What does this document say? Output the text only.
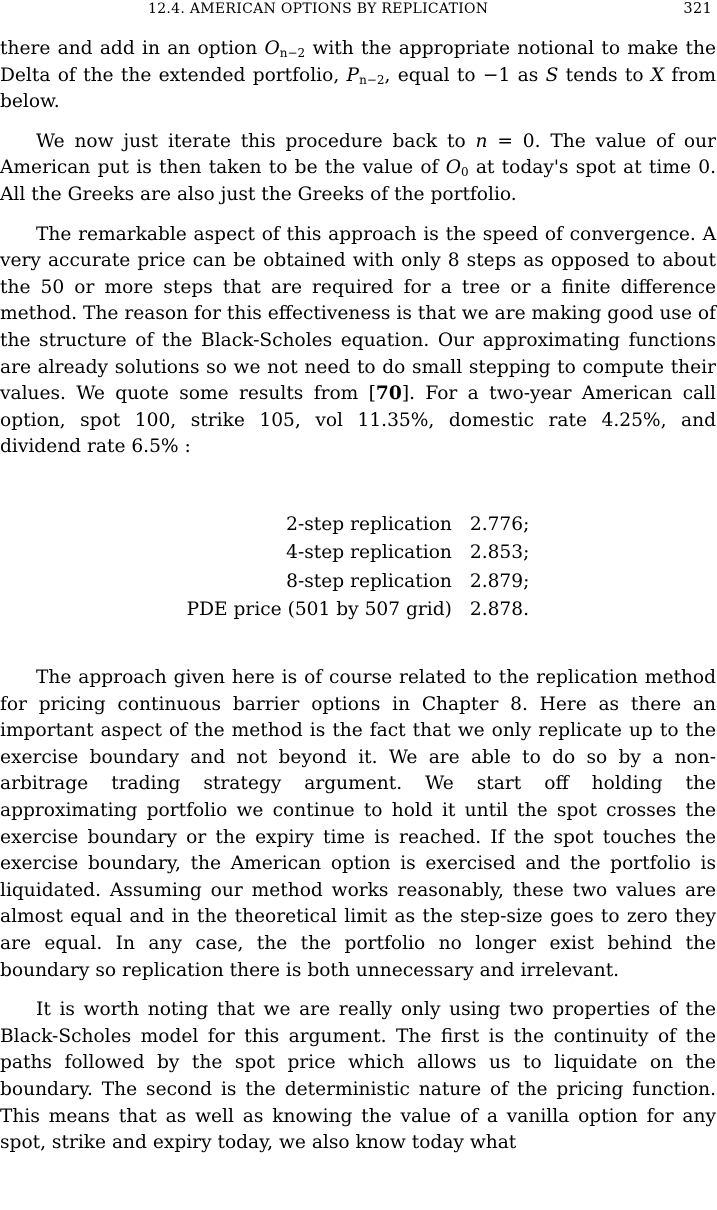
12.4. AMERICAN OPTIONS BY REPLICATION	321

there and add in an option $O_{n-2}$ with the appropriate notional to make the Delta of the the extended portfolio, $P_{n-2}$, equal to −1 as S tends to X from below.

We now just iterate this procedure back to n = 0. The value of our American put is then taken to be the value of $O_0$ at today's spot at time 0. All the Greeks are also just the Greeks of the portfolio.

The remarkable aspect of this approach is the speed of convergence. A very accurate price can be obtained with only 8 steps as opposed to about the 50 or more steps that are required for a tree or a finite difference method. The reason for this effectiveness is that we are making good use of the structure of the Black-Scholes equation. Our approximating functions are already solutions so we not need to do small stepping to compute their values. We quote some results from [70]. For a two-year American call option, spot 100, strike 105, vol 11.35%, domestic rate 4.25%, and dividend rate 6.5% :

2-step replication	2.776;
4-step replication	2.853;
8-step replication	2.879;
PDE price (501 by 507 grid)	2.878.

The approach given here is of course related to the replication method for pricing continuous barrier options in Chapter 8. Here as there an important aspect of the method is the fact that we only replicate up to the exercise boundary and not beyond it. We are able to do so by a non-arbitrage trading strategy argument. We start off holding the approximating portfolio we continue to hold it until the spot crosses the exercise boundary or the expiry time is reached. If the spot touches the exercise boundary, the American option is exercised and the portfolio is liquidated. Assuming our method works reasonably, these two values are almost equal and in the theoretical limit as the step-size goes to zero they are equal. In any case, the the portfolio no longer exist behind the boundary so replication there is both unnecessary and irrelevant.

It is worth noting that we are really only using two properties of the Black-Scholes model for this argument. The first is the continuity of the paths followed by the spot price which allows us to liquidate on the boundary. The second is the deterministic nature of the pricing function. This means that as well as knowing the value of a vanilla option for any spot, strike and expiry today, we also know today what
